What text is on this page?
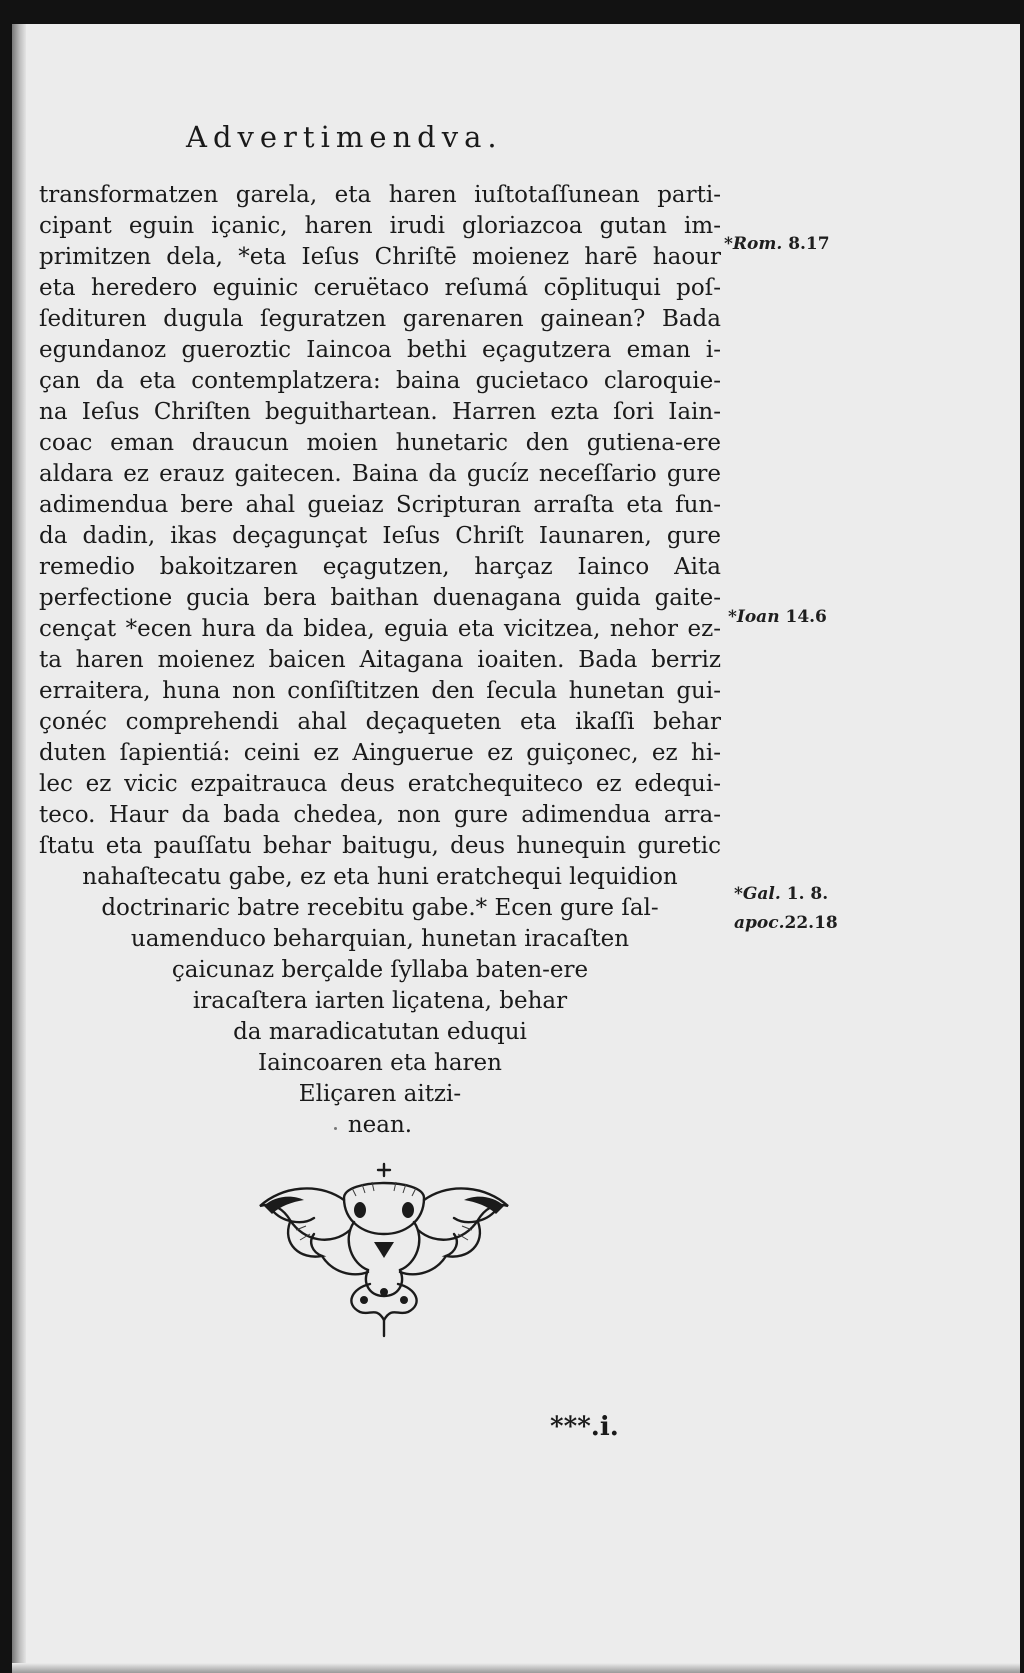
Advertimendva.
transformatzen garela, eta haren iuſtotaſſunean parti-
cipant eguin içanic, haren irudi gloriazcoa gutan im-
primitzen dela, *eta Ieſus Chriſtē moienez harē haour
eta heredero eguinic ceruëtaco reſumá cōplituqui poſ-
ſedituren dugula ſeguratzen garenaren gainean? Bada
egundanoz gueroztic Iaincoa bethi eçagutzera eman i-
çan da eta contemplatzera: baina gucietaco claroquie-
na Ieſus Chriſten beguithartean. Harren ezta ſori Iain-
coac eman draucun moien hunetaric den gutiena-ere
aldara ez erauz gaitecen. Baina da gucíz neceſſario gure
adimendua bere ahal gueiaz Scripturan arraſta eta fun-
da dadin, ikas deçagunçat Ieſus Chriſt Iaunaren, gure
remedio bakoitzaren eçagutzen, harçaz Iainco Aita
perfectione gucia bera baithan duenagana guida gaite-
cençat *ecen hura da bidea, eguia eta vicitzea, nehor ez-
ta haren moienez baicen Aitagana ioaiten. Bada berriz
erraitera, huna non conſiſtitzen den ſecula hunetan gui-
çonéc comprehendi ahal deçaqueten eta ikaſſi behar
duten ſapientiá: ceini ez Ainguerue ez guiçonec, ez hi-
lec ez vicic ezpaitrauca deus eratchequiteco ez edequi-
teco. Haur da bada chedea, non gure adimendua arra-
ſtatu eta pauſſatu behar baitugu, deus hunequin guretic
nahaſtecatu gabe, ez eta huni eratchequi lequidion
doctrinaric batre recebitu gabe.* Ecen gure ſal-
uamenduco beharquian, hunetan iracaſten
çaicunaz berçalde ſyllaba baten-ere
iracaſtera iarten liçatena, behar
da maradicatutan eduqui
Iaincoaren eta haren
Eliçaren aitzi-
nean.
*Rom. 8.17
*Ioan 14.6
*Gal. 1. 8.
apoc.22.18
***.i.
